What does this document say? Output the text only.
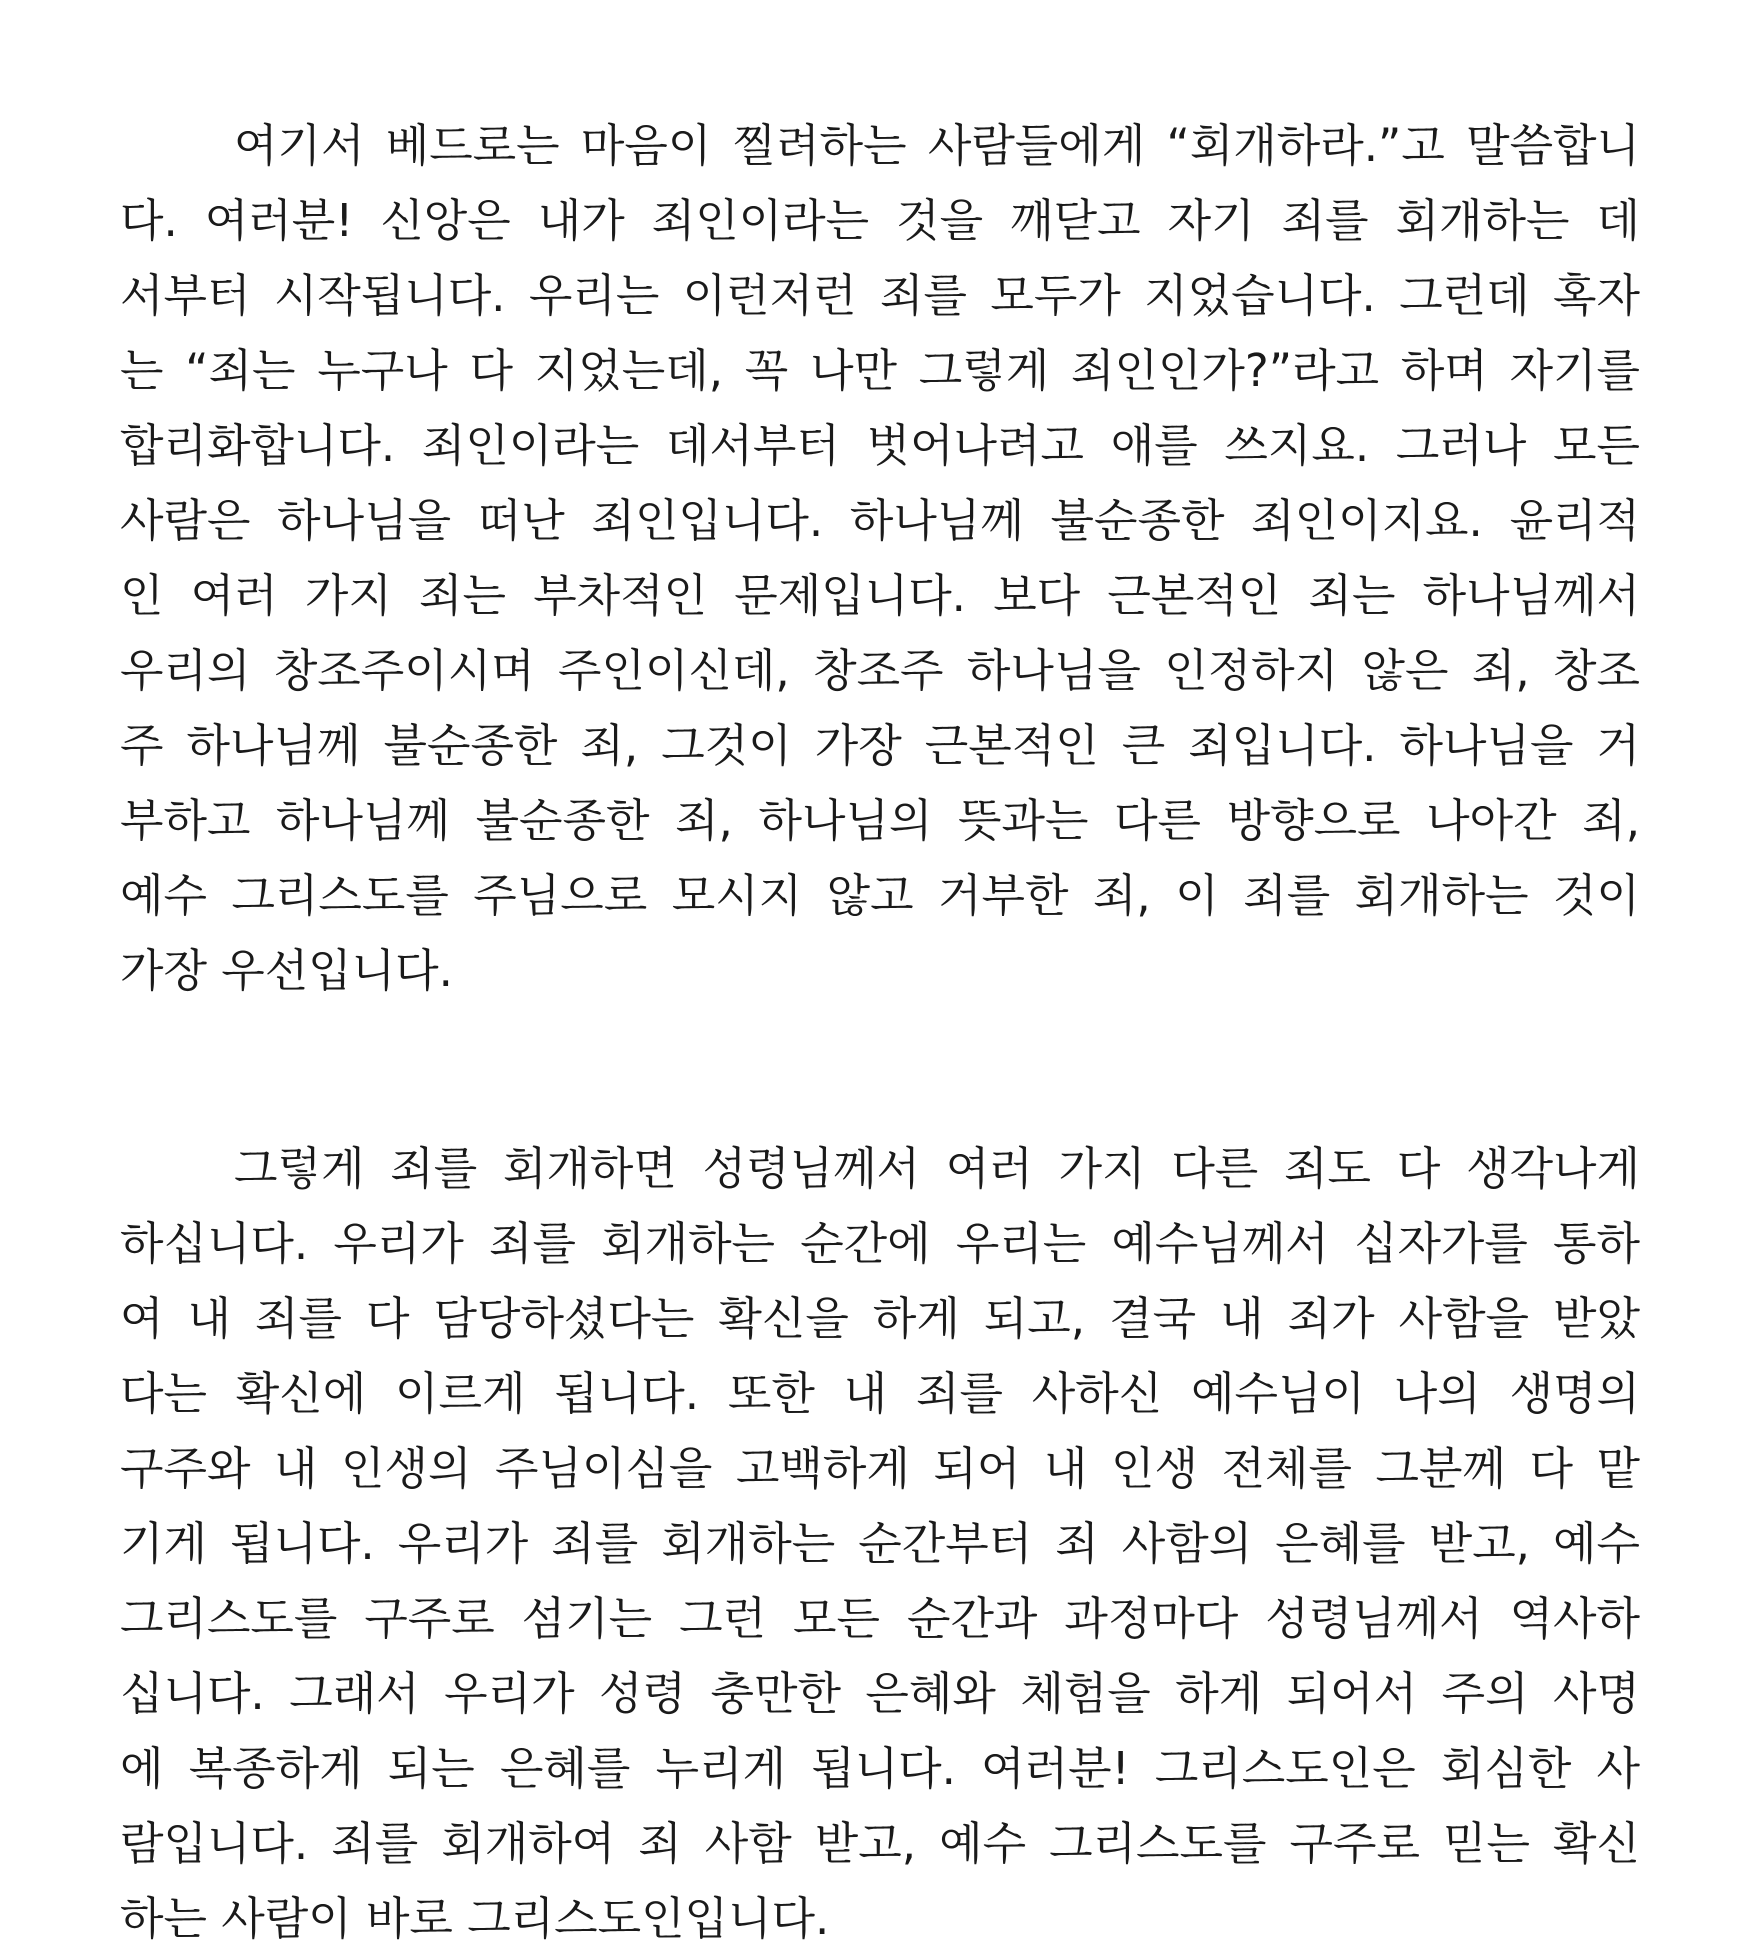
여기서 베드로는 마음이 찔려하는 사람들에게 “회개하라.”고 말씀합니
다. 여러분! 신앙은 내가 죄인이라는 것을 깨닫고 자기 죄를 회개하는 데
서부터 시작됩니다. 우리는 이런저런 죄를 모두가 지었습니다. 그런데 혹자
는 “죄는 누구나 다 지었는데, 꼭 나만 그렇게 죄인인가?”라고 하며 자기를
합리화합니다. 죄인이라는 데서부터 벗어나려고 애를 쓰지요. 그러나 모든
사람은 하나님을 떠난 죄인입니다. 하나님께 불순종한 죄인이지요. 윤리적
인 여러 가지 죄는 부차적인 문제입니다. 보다 근본적인 죄는 하나님께서
우리의 창조주이시며 주인이신데, 창조주 하나님을 인정하지 않은 죄, 창조
주 하나님께 불순종한 죄, 그것이 가장 근본적인 큰 죄입니다. 하나님을 거
부하고 하나님께 불순종한 죄, 하나님의 뜻과는 다른 방향으로 나아간 죄,
예수 그리스도를 주님으로 모시지 않고 거부한 죄, 이 죄를 회개하는 것이
가장 우선입니다.
그렇게 죄를 회개하면 성령님께서 여러 가지 다른 죄도 다 생각나게
하십니다. 우리가 죄를 회개하는 순간에 우리는 예수님께서 십자가를 통하
여 내 죄를 다 담당하셨다는 확신을 하게 되고, 결국 내 죄가 사함을 받았
다는 확신에 이르게 됩니다. 또한 내 죄를 사하신 예수님이 나의 생명의
구주와 내 인생의 주님이심을 고백하게 되어 내 인생 전체를 그분께 다 맡
기게 됩니다. 우리가 죄를 회개하는 순간부터 죄 사함의 은혜를 받고, 예수
그리스도를 구주로 섬기는 그런 모든 순간과 과정마다 성령님께서 역사하
십니다. 그래서 우리가 성령 충만한 은혜와 체험을 하게 되어서 주의 사명
에 복종하게 되는 은혜를 누리게 됩니다. 여러분! 그리스도인은 회심한 사
람입니다. 죄를 회개하여 죄 사함 받고, 예수 그리스도를 구주로 믿는 확신
하는 사람이 바로 그리스도인입니다.
